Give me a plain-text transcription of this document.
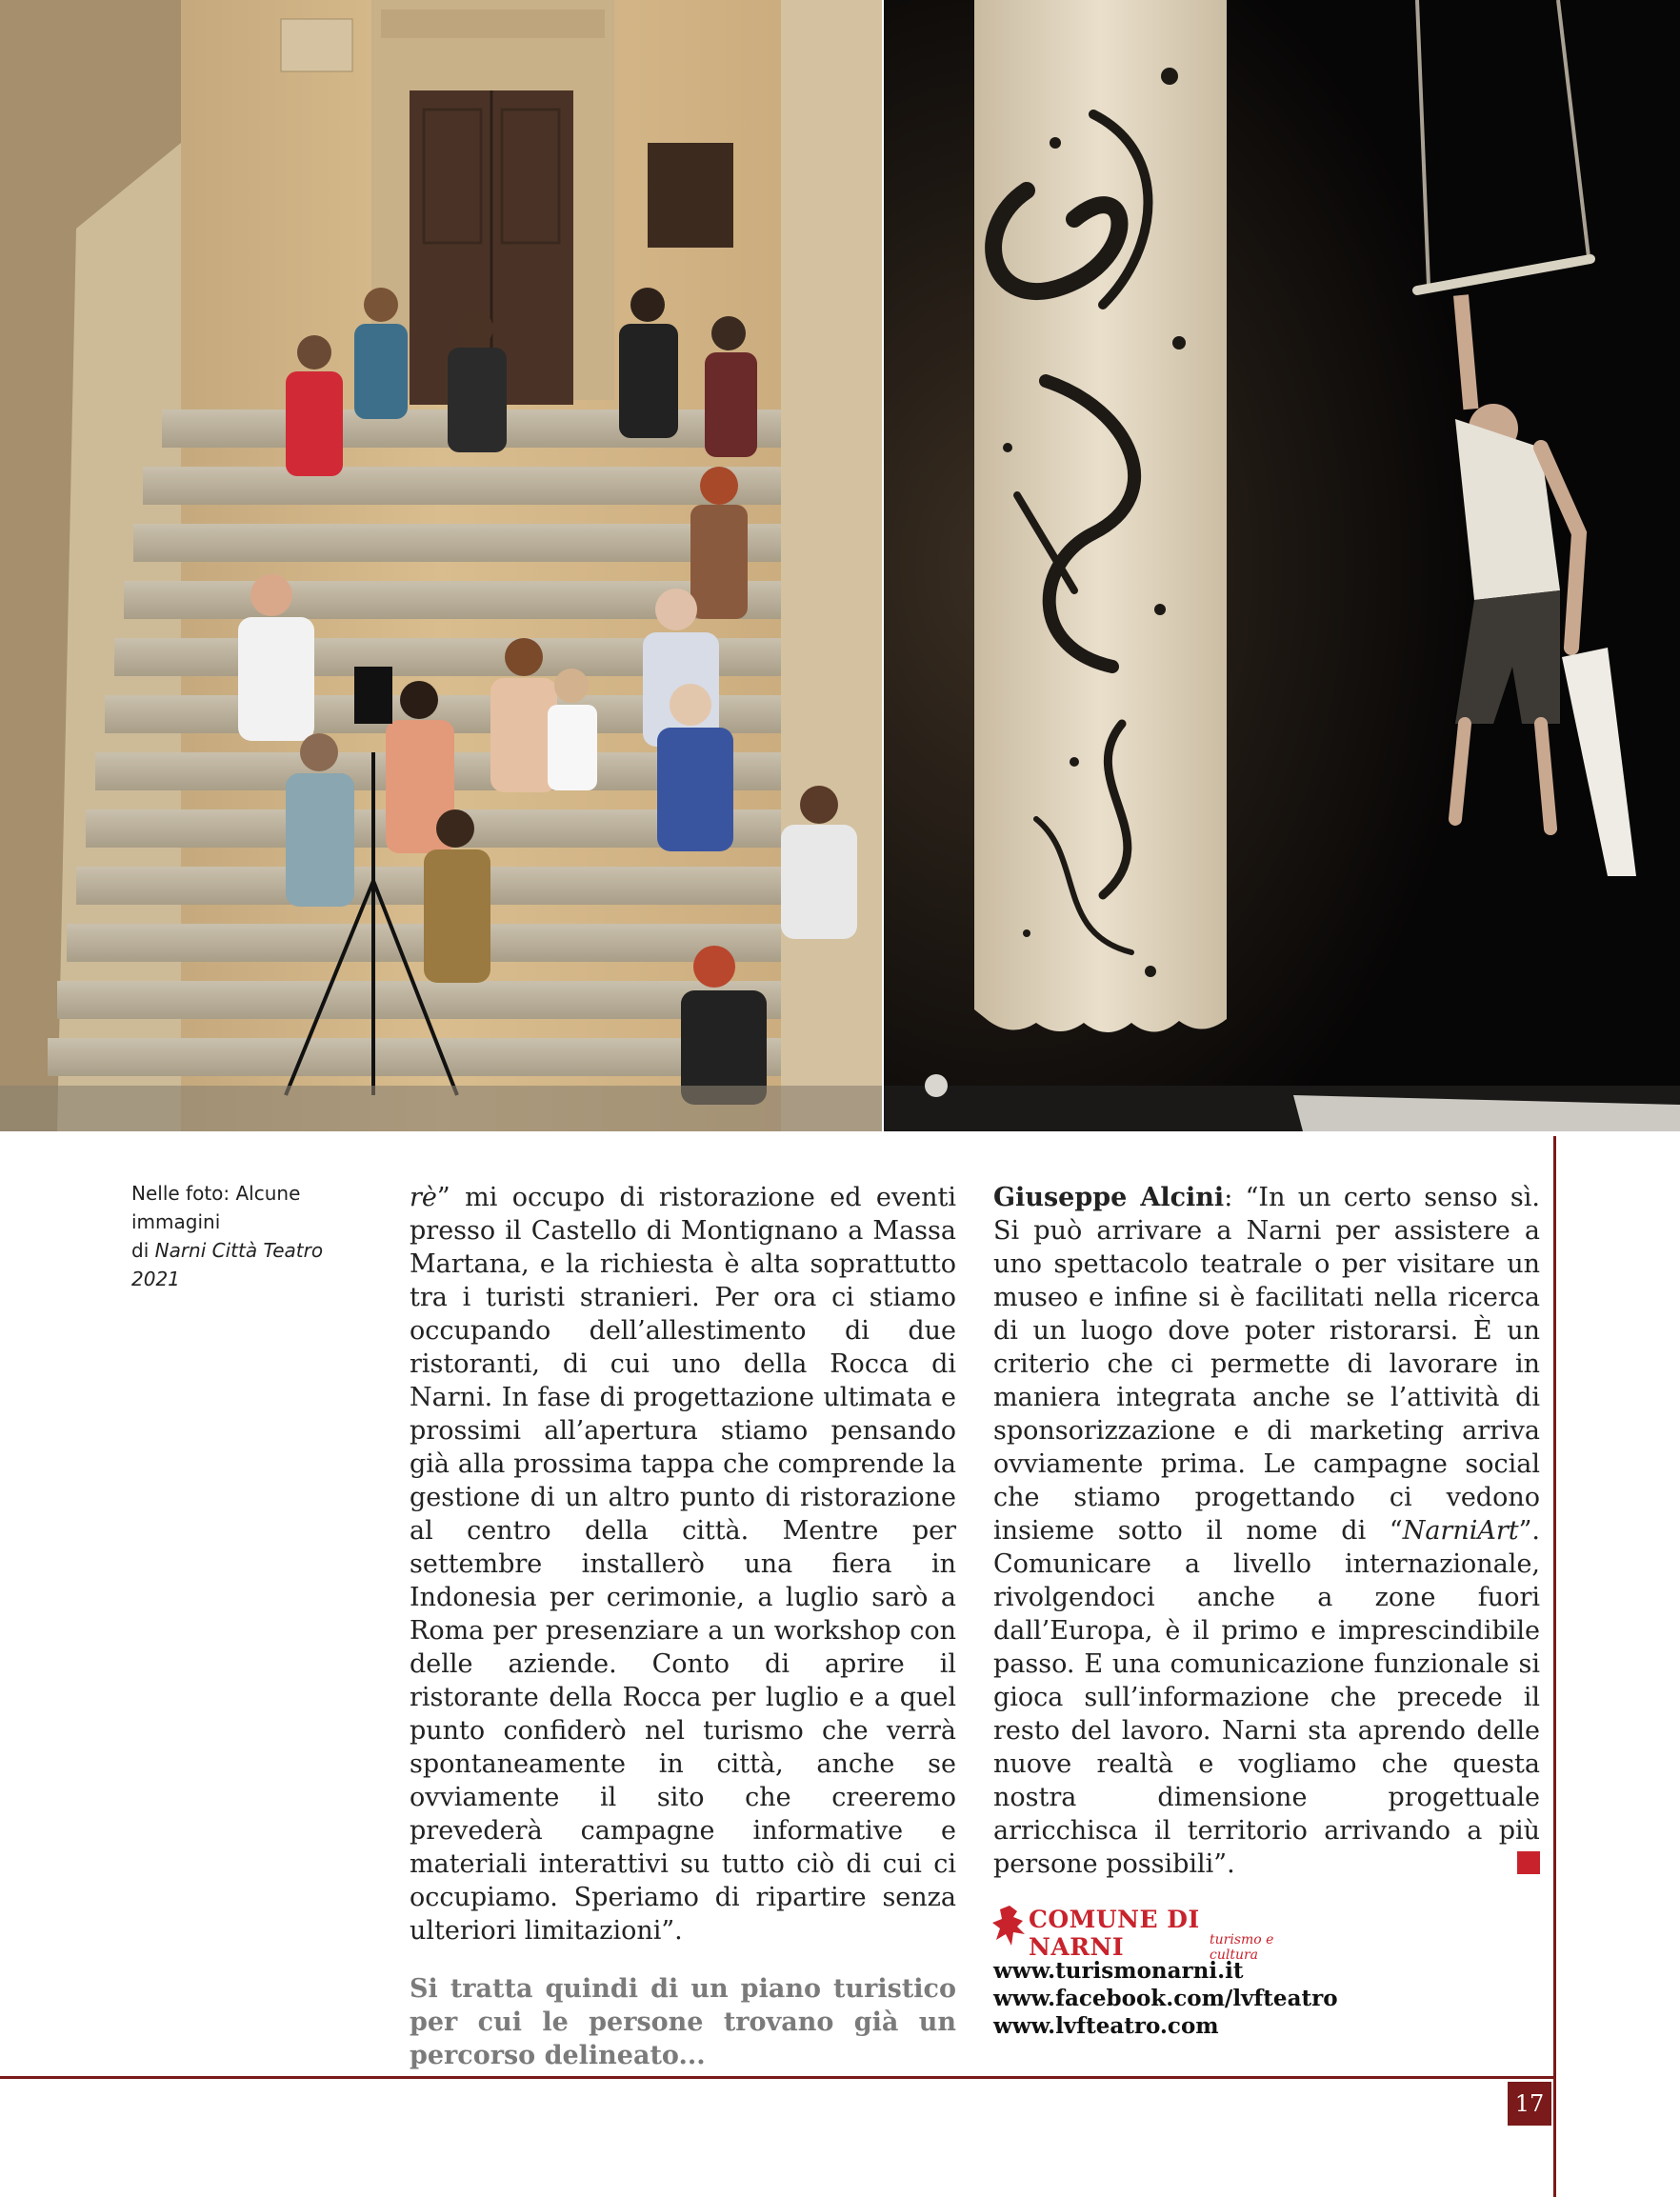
Nelle foto: Alcune immagini
di Narni Città Teatro 2021

rè” mi occupo di ristorazione ed eventi presso il Castello di Montignano a Massa Martana, e la richiesta è alta soprattutto tra i turisti stranieri. Per ora ci stiamo occupando dell’allestimento di due ristoranti, di cui uno della Rocca di Narni. In fase di progettazione ultimata e prossimi all’apertura stiamo pensando già alla prossima tappa che comprende la gestione di un altro punto di ristorazione al centro della città. Mentre per settembre installerò una fiera in Indonesia per cerimonie, a luglio sarò a Roma per presenziare a un workshop con delle aziende. Conto di aprire il ristorante della Rocca per luglio e a quel punto confiderò nel turismo che verrà spontaneamente in città, anche se ovviamente il sito che creeremo prevederà campagne informative e materiali interattivi su tutto ciò di cui ci occupiamo. Speriamo di ripartire senza ulteriori limitazioni”.

Si tratta quindi di un piano turistico per cui le persone trovano già un percorso delineato...

Giuseppe Alcini: “In un certo senso sì. Si può arrivare a Narni per assistere a uno spettacolo teatrale o per visitare un museo e infine si è facilitati nella ricerca di un luogo dove poter ristorarsi. È un criterio che ci permette di lavorare in maniera integrata anche se l’attività di sponsorizzazione e di marketing arriva ovviamente prima. Le campagne social che stiamo progettando ci vedono insieme sotto il nome di “NarniArt”. Comunicare a livello internazionale, rivolgendoci anche a zone fuori dall’Europa, è il primo e imprescindibile passo. E una comunicazione funzionale si gioca sull’informazione che precede il resto del lavoro. Narni sta aprendo delle nuove realtà e vogliamo che questa nostra dimensione progettuale arricchisca il territorio arrivando a più persone possibili”.

COMUNE DI NARNI	turismo e cultura
www.turismonarni.it
www.facebook.com/lvfteatro
www.lvfteatro.com
17
